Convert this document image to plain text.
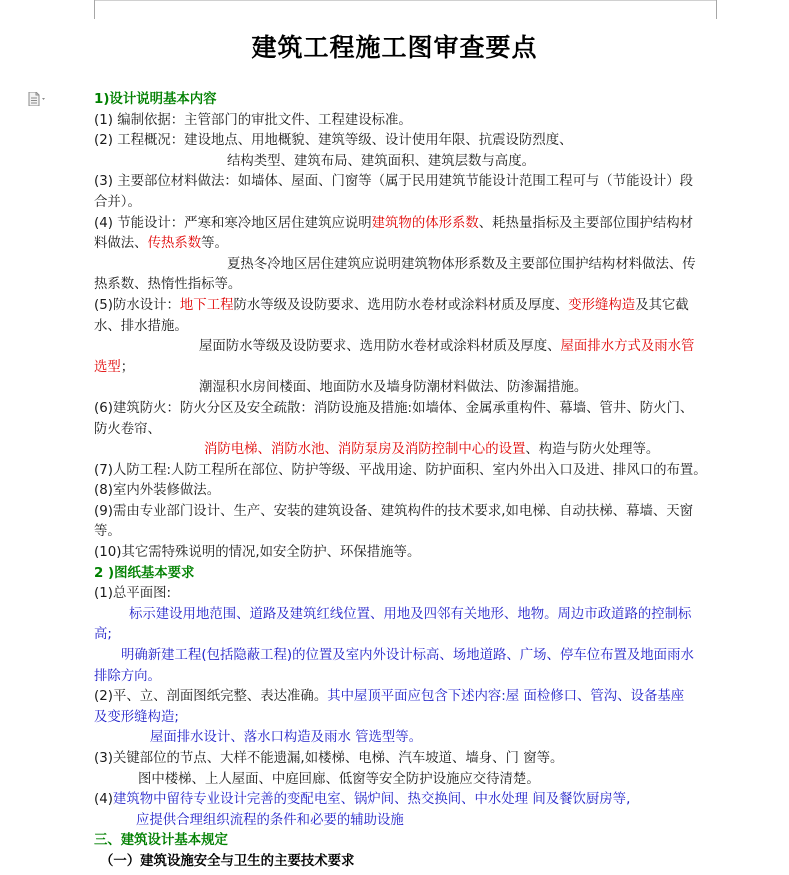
建筑工程施工图审查要点
1)设计说明基本内容
(1) 编制依据：主管部门的审批文件、工程建设标准。
(2) 工程概况：建设地点、用地概貌、建筑等级、设计使用年限、抗震设防烈度、
结构类型、建筑布局、建筑面积、建筑层数与高度。
(3) 主要部位材料做法：如墙体、屋面、门窗等（属于民用建筑节能设计范围工程可与（节能设计）段
合并）。
(4) 节能设计：严寒和寒冷地区居住建筑应说明建筑物的体形系数、耗热量指标及主要部位围护结构材
料做法、传热系数等。
夏热冬冷地区居住建筑应说明建筑物体形系数及主要部位围护结构材料做法、传
热系数、热惰性指标等。
(5)防水设计：地下工程防水等级及设防要求、选用防水卷材或涂料材质及厚度、变形缝构造及其它截
水、排水措施。
屋面防水等级及设防要求、选用防水卷材或涂料材质及厚度、屋面排水方式及雨水管
选型；
潮湿积水房间楼面、地面防水及墙身防潮材料做法、防渗漏措施。
(6)建筑防火：防火分区及安全疏散：消防设施及措施:如墙体、金属承重构件、幕墙、管井、防火门、
防火卷帘、
消防电梯、消防水池、消防泵房及消防控制中心的设置、构造与防火处理等。
(7)人防工程:人防工程所在部位、防护等级、平战用途、防护面积、室内外出入口及进、排风口的布置。
(8)室内外装修做法。
(9)需由专业部门设计、生产、安装的建筑设备、建筑构件的技术要求,如电梯、自动扶梯、幕墙、天窗
等。
(10)其它需特殊说明的情况,如安全防护、环保措施等。
2 )图纸基本要求
(1)总平面图:
标示建设用地范围、道路及建筑红线位置、用地及四邻有关地形、地物。周边市政道路的控制标
高;
明确新建工程(包括隐蔽工程)的位置及室内外设计标高、场地道路、广场、停车位布置及地面雨水
排除方向。
(2)平、立、剖面图纸完整、表达准确。其中屋顶平面应包含下述内容:屋 面检修口、管沟、设备基座
及变形缝构造;
屋面排水设计、落水口构造及雨水 管选型等。
(3)关键部位的节点、大样不能遗漏,如楼梯、电梯、汽车坡道、墙身、门 窗等。
图中楼梯、上人屋面、中庭回廊、低窗等安全防护设施应交待清楚。
(4)建筑物中留待专业设计完善的变配电室、锅炉间、热交换间、中水处理 间及餐饮厨房等,
应提供合理组织流程的条件和必要的辅助设施
三、建筑设计基本规定
（一）建筑设施安全与卫生的主要技术要求
